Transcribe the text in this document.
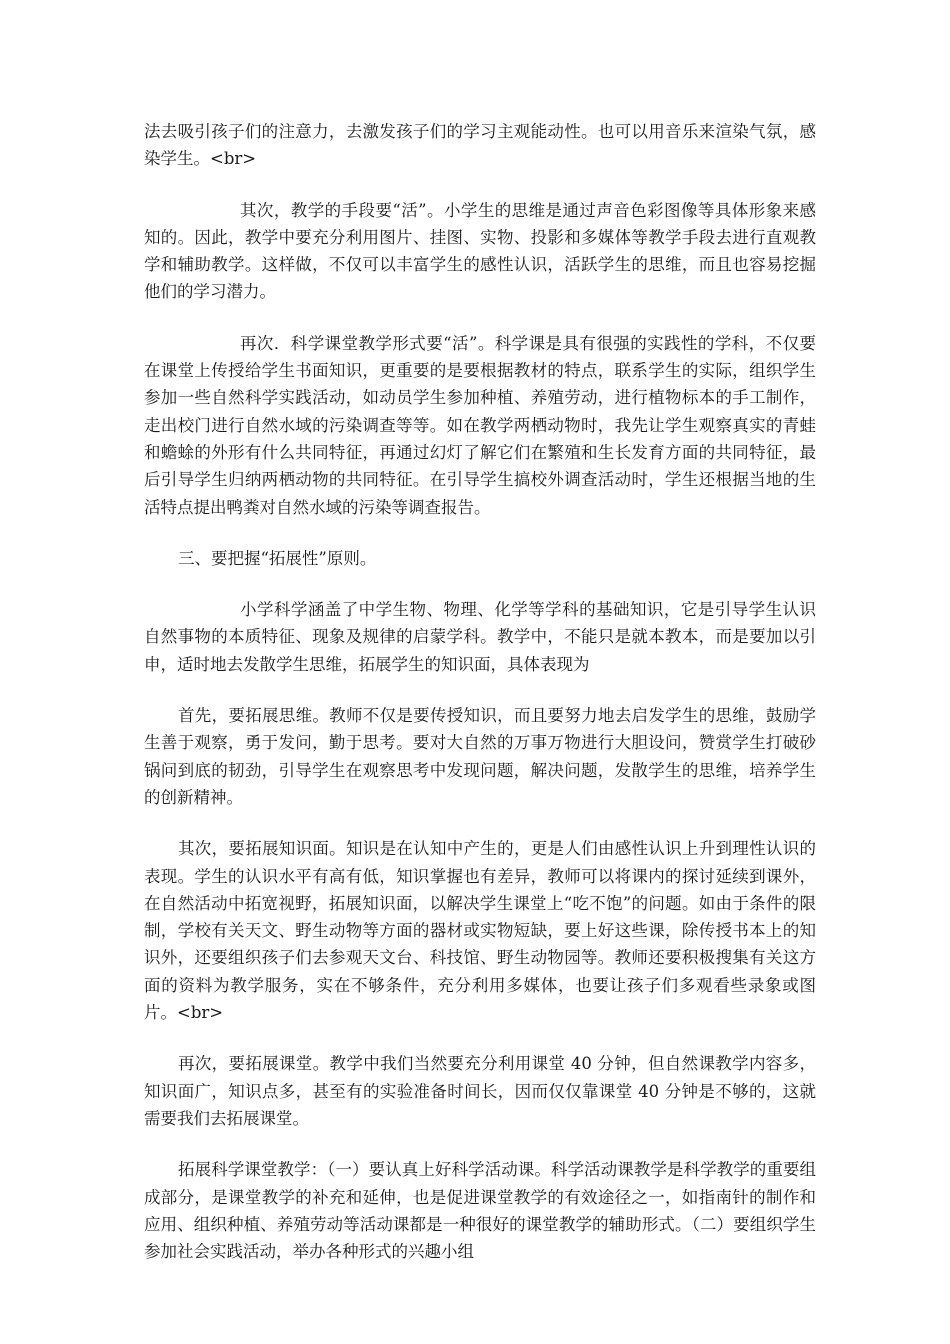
法去吸引孩子们的注意力，去激发孩子们的学习主观能动性。也可以用音乐来渲染气氛，感染学生。<br>

其次，教学的手段要“活”。小学生的思维是通过声音色彩图像等具体形象来感知的。因此，教学中要充分利用图片、挂图、实物、投影和多媒体等教学手段去进行直观教学和辅助教学。这样做，不仅可以丰富学生的感性认识，活跃学生的思维，而且也容易挖掘他们的学习潜力。

再次．科学课堂教学形式要“活”。科学课是具有很强的实践性的学科，不仅要在课堂上传授给学生书面知识，更重要的是要根据教材的特点，联系学生的实际，组织学生参加一些自然科学实践活动，如动员学生参加种植、养殖劳动，进行植物标本的手工制作，走出校门进行自然水域的污染调查等等。如在教学两栖动物时，我先让学生观察真实的青蛙和蟾蜍的外形有什么共同特征，再通过幻灯了解它们在繁殖和生长发育方面的共同特征，最后引导学生归纳两栖动物的共同特征。在引导学生搞校外调查活动时，学生还根据当地的生活特点提出鸭粪对自然水域的污染等调查报告。

三、要把握“拓展性”原则。

小学科学涵盖了中学生物、物理、化学等学科的基础知识，它是引导学生认识自然事物的本质特征、现象及规律的启蒙学科。教学中，不能只是就本教本，而是要加以引申，适时地去发散学生思维，拓展学生的知识面，具体表现为

首先，要拓展思维。教师不仅是要传授知识，而且要努力地去启发学生的思维，鼓励学生善于观察，勇于发问，勤于思考。要对大自然的万事万物进行大胆设问，赞赏学生打破砂锅问到底的韧劲，引导学生在观察思考中发现问题，解决问题，发散学生的思维，培养学生的创新精神。

其次，要拓展知识面。知识是在认知中产生的，更是人们由感性认识上升到理性认识的表现。学生的认识水平有高有低，知识掌握也有差异，教师可以将课内的探讨延续到课外，在自然活动中拓宽视野，拓展知识面，以解决学生课堂上“吃不饱”的问题。如由于条件的限制，学校有关天文、野生动物等方面的器材或实物短缺，要上好这些课，除传授书本上的知识外，还要组织孩子们去参观天文台、科技馆、野生动物园等。教师还要积极搜集有关这方面的资料为教学服务，实在不够条件，充分利用多媒体，也要让孩子们多观看些录象或图片。<br>

再次，要拓展课堂。教学中我们当然要充分利用课堂 40 分钟，但自然课教学内容多，知识面广，知识点多，甚至有的实验准备时间长，因而仅仅靠课堂 40 分钟是不够的，这就需要我们去拓展课堂。

拓展科学课堂教学：（一）要认真上好科学活动课。科学活动课教学是科学教学的重要组成部分，是课堂教学的补充和延伸，也是促进课堂教学的有效途径之一，如指南针的制作和应用、组织种植、养殖劳动等活动课都是一种很好的课堂教学的辅助形式。（二）要组织学生参加社会实践活动，举办各种形式的兴趣小组
